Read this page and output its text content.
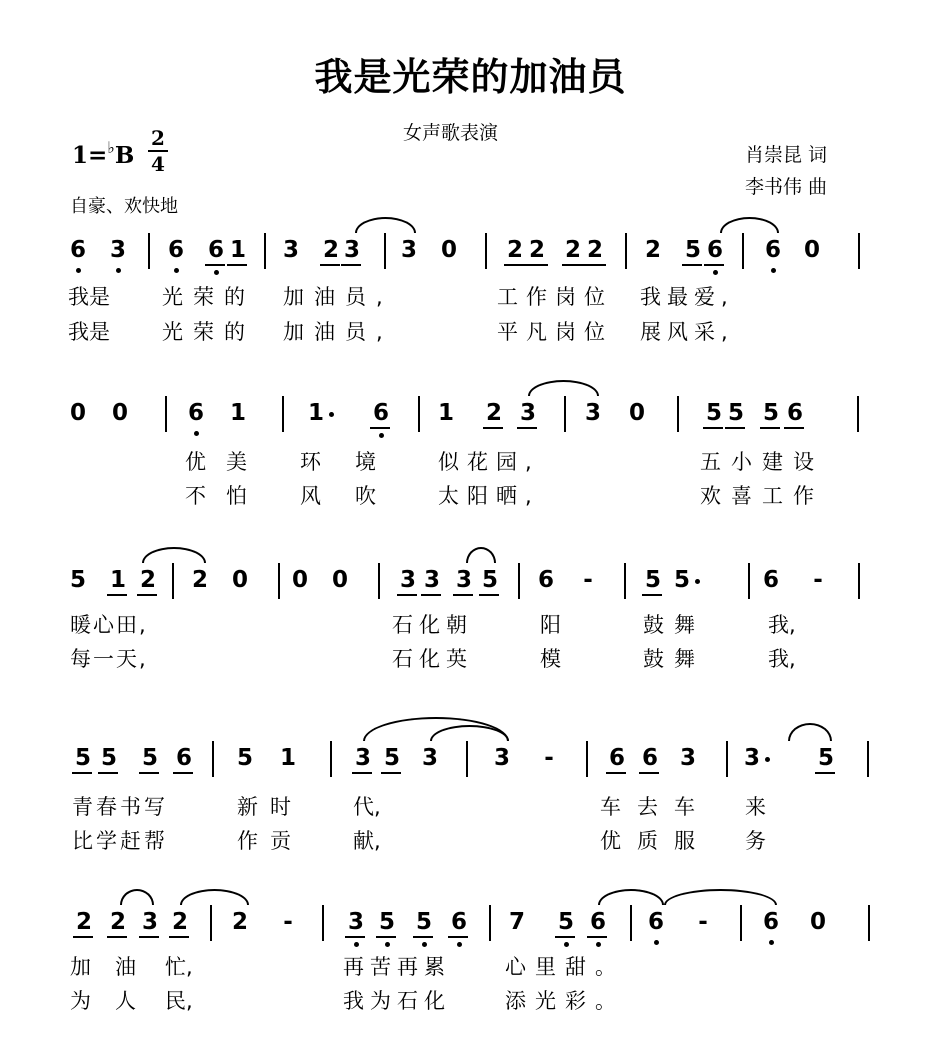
我是光荣的加油员
女声歌表演
1=♭B
2
4	肖崇昆 词
李书伟 曲
自豪、欢快地
6 3 6 6 1 3 2 3 3 0 2 2 2 2 2 5 6 6 0
0 0	6 1	1 6 1 2 3 3 0	5 5 5 6
5 1 2 2 0 0 0 3 3 3 5 6 - 5 5	6 -
5 5 5 6 5 1	3 5 3 3 - 6 6 3 3	5
2 2 3 2 2 - 3 5 5 6 7 5 6 6 - 6 0
我是 光荣的 加油员,	工作岗位 我最爱,
我是 光荣的 加油员,	平凡岗位 展风采,
优美 环境 似花园,	五小建设
不怕 风吹 太阳晒,	欢喜工作
暖心田,	石化朝	阳	鼓舞	我,
每一天,	石化英	模	鼓舞	我,
青春书写	新时 代,	车去车 来
比学赶帮	作贡 献,	优质服 务
加油 忙,	再苦再累	心里甜。
为人 民,	我为石化	添光彩。
